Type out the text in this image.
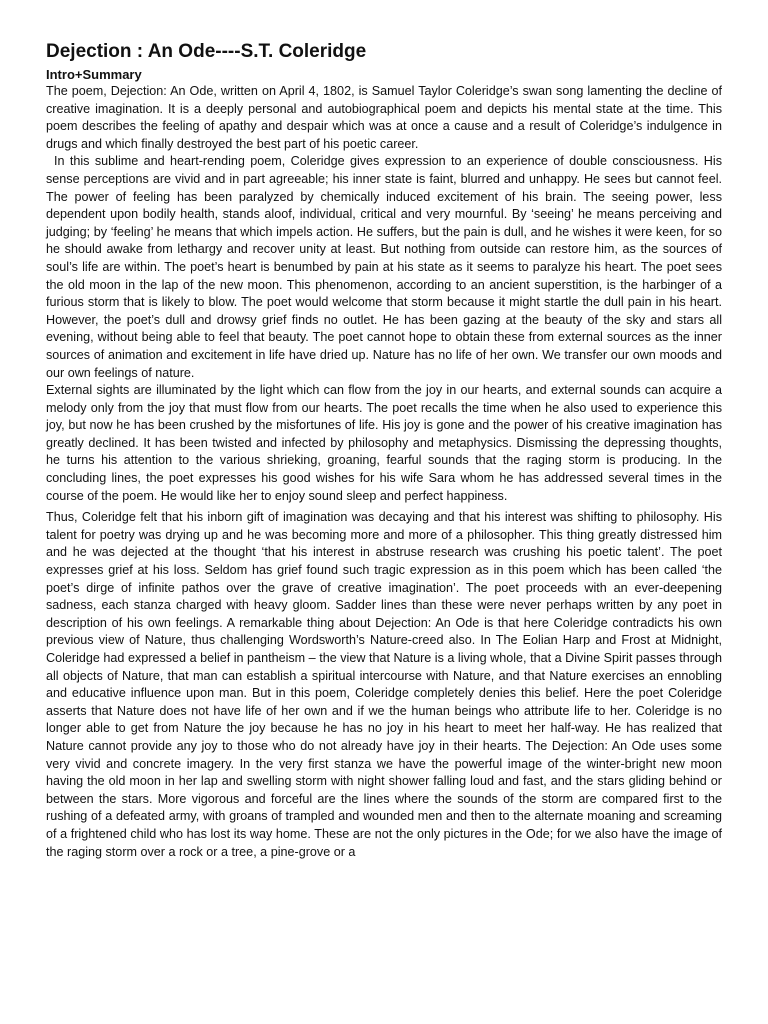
Dejection : An Ode----S.T. Coleridge

Intro+Summary

The poem, Dejection: An Ode, written on April 4, 1802, is Samuel Taylor Coleridge’s swan song lamenting the decline of creative imagination. It is a deeply personal and autobiographical poem and depicts his mental state at the time. This poem describes the feeling of apathy and despair which was at once a cause and a result of Coleridge’s indulgence in drugs and which finally destroyed the best part of his poetic career.

In this sublime and heart-rending poem, Coleridge gives expression to an experience of double consciousness. His sense perceptions are vivid and in part agreeable; his inner state is faint, blurred and unhappy. He sees but cannot feel. The power of feeling has been paralyzed by chemically induced excitement of his brain. The seeing power, less dependent upon bodily health, stands aloof, individual, critical and very mournful. By ‘seeing’ he means perceiving and judging; by ‘feeling’ he means that which impels action. He suffers, but the pain is dull, and he wishes it were keen, for so he should awake from lethargy and recover unity at least. But nothing from outside can restore him, as the sources of soul’s life are within. The poet’s heart is benumbed by pain at his state as it seems to paralyze his heart. The poet sees the old moon in the lap of the new moon. This phenomenon, according to an ancient superstition, is the harbinger of a furious storm that is likely to blow. The poet would welcome that storm because it might startle the dull pain in his heart. However, the poet’s dull and drowsy grief finds no outlet. He has been gazing at the beauty of the sky and stars all evening, without being able to feel that beauty. The poet cannot hope to obtain these from external sources as the inner sources of animation and excitement in life have dried up. Nature has no life of her own. We transfer our own moods and our own feelings of nature.

External sights are illuminated by the light which can flow from the joy in our hearts, and external sounds can acquire a melody only from the joy that must flow from our hearts. The poet recalls the time when he also used to experience this joy, but now he has been crushed by the misfortunes of life. His joy is gone and the power of his creative imagination has greatly declined. It has been twisted and infected by philosophy and metaphysics. Dismissing the depressing thoughts, he turns his attention to the various shrieking, groaning, fearful sounds that the raging storm is producing. In the concluding lines, the poet expresses his good wishes for his wife Sara whom he has addressed several times in the course of the poem. He would like her to enjoy sound sleep and perfect happiness.

Thus, Coleridge felt that his inborn gift of imagination was decaying and that his interest was shifting to philosophy. His talent for poetry was drying up and he was becoming more and more of a philosopher. This thing greatly distressed him and he was dejected at the thought ‘that his interest in abstruse research was crushing his poetic talent’. The poet expresses grief at his loss. Seldom has grief found such tragic expression as in this poem which has been called ‘the poet’s dirge of infinite pathos over the grave of creative imagination’. The poet proceeds with an ever-deepening sadness, each stanza charged with heavy gloom. Sadder lines than these were never perhaps written by any poet in description of his own feelings. A remarkable thing about Dejection: An Ode is that here Coleridge contradicts his own previous view of Nature, thus challenging Wordsworth’s Nature-creed also. In The Eolian Harp and Frost at Midnight, Coleridge had expressed a belief in pantheism – the view that Nature is a living whole, that a Divine Spirit passes through all objects of Nature, that man can establish a spiritual intercourse with Nature, and that Nature exercises an ennobling and educative influence upon man. But in this poem, Coleridge completely denies this belief. Here the poet Coleridge asserts that Nature does not have life of her own and if we the human beings who attribute life to her. Coleridge is no longer able to get from Nature the joy because he has no joy in his heart to meet her half-way. He has realized that Nature cannot provide any joy to those who do not already have joy in their hearts. The Dejection: An Ode uses some very vivid and concrete imagery. In the very first stanza we have the powerful image of the winter-bright new moon having the old moon in her lap and swelling storm with night shower falling loud and fast, and the stars gliding behind or between the stars. More vigorous and forceful are the lines where the sounds of the storm are compared first to the rushing of a defeated army, with groans of trampled and wounded men and then to the alternate moaning and screaming of a frightened child who has lost its way home. These are not the only pictures in the Ode; for we also have the image of the raging storm over a rock or a tree, a pine-grove or a
